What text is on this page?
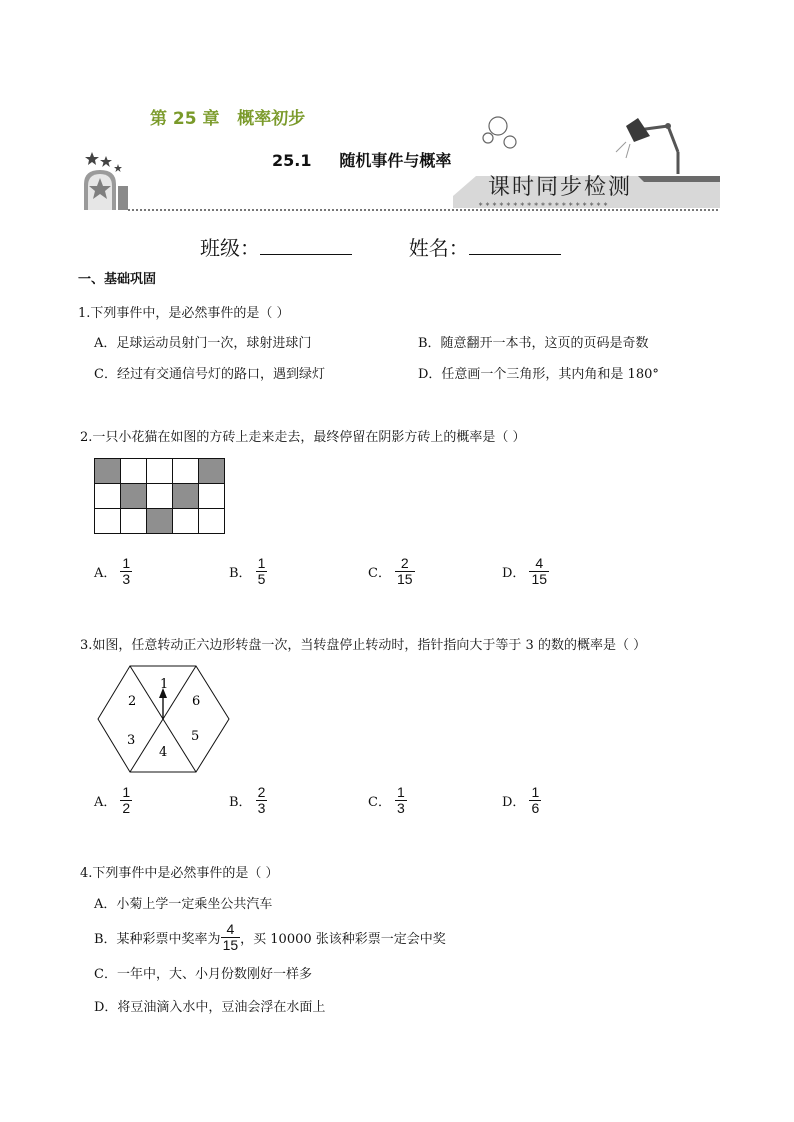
∗ ∗ ∗ ∗ ∗ ∗ ∗ ∗ ∗ ∗ ∗ ∗ ∗ ∗ ∗ ∗ ∗ ∗ ∗
第 25 章   概率初步
25.1     随机事件与概率
课时同步检测
班级：	姓名：
一、基础巩固
1.下列事件中，是必然事件的是（ ）
A．足球运动员射门一次，球射进球门	B．随意翻开一本书，这页的页码是奇数
C．经过有交通信号灯的路口，遇到绿灯	D．任意画一个三角形，其内角和是 180°
2.一只小花猫在如图的方砖上走来走去，最终停留在阴影方砖上的概率是（ ）

A． $\frac{1}{3}$	B． $\frac{1}{5}$	C． $\frac{2}{15}$	D． $\frac{4}{15}$
3.如图，任意转动正六边形转盘一次，当转盘停止转动时，指针指向大于等于 3 的数的概率是（ ）
1
6
5
4
3
2
A． $\frac{1}{2}$	B． $\frac{2}{3}$	C． $\frac{1}{3}$	D． $\frac{1}{6}$
4.下列事件中是必然事件的是（ ）
A．小菊上学一定乘坐公共汽车
B．某种彩票中奖率为 $\frac{4}{15}$ ，买 10000 张该种彩票一定会中奖
C．一年中，大、小月份数刚好一样多
D．将豆油滴入水中，豆油会浮在水面上
